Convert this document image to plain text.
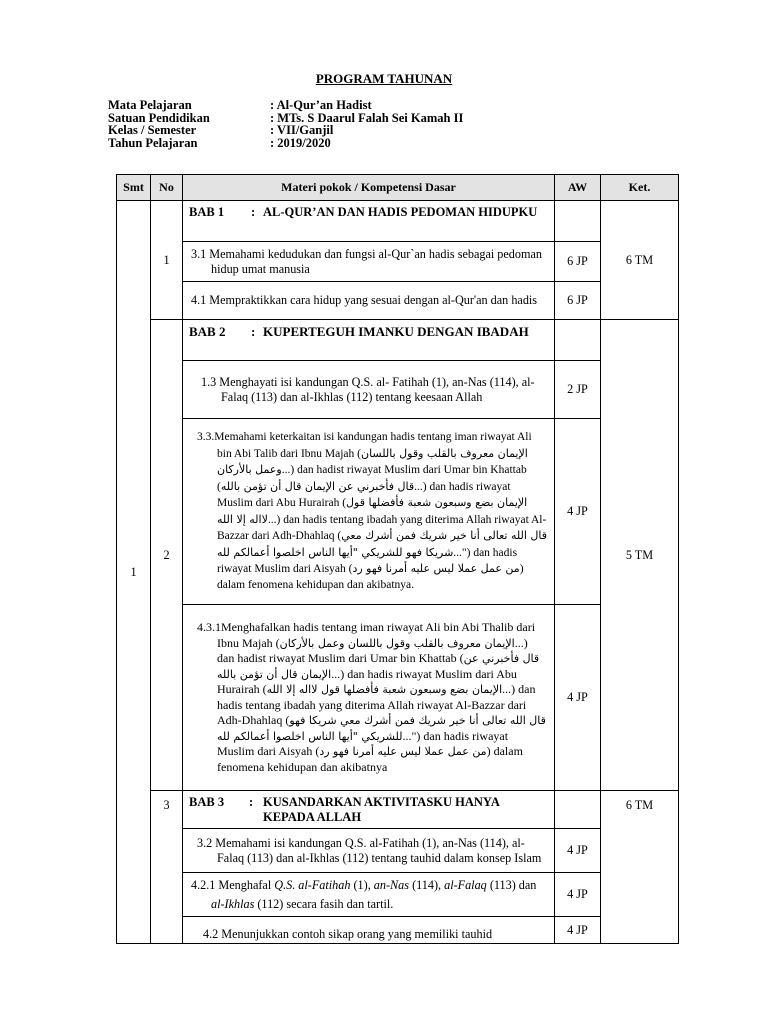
PROGRAM TAHUNAN
Mata Pelajaran	: Al-Qur’an Hadist
Satuan Pendidikan	: MTs. S Daarul Falah Sei Kamah II
Kelas / Semester	: VII/Ganjil
Tahun Pelajaran	: 2019/2020
Smt	No	Materi pokok / Kompetensi Dasar	AW	Ket.
1	1	BAB 1 : AL-QUR’AN DAN HADIS PEDOMAN HIDUPKU		6 TM

		3.1 Memahami kedudukan dan fungsi al-Qur`an hadis sebagai pedoman hidup umat manusia	6 JP	

		4.1 Mempraktikkan cara hidup yang sesuai dengan al-Qur'an dan hadis	6 JP	
	2	BAB 2 : KUPERTEGUH IMANKU DENGAN IBADAH		5 TM

		1.3 Menghayati isi kandungan Q.S. al- Fatihah (1), an-Nas (114), al- Falaq (113) dan al-Ikhlas (112) tentang keesaan Allah	2 JP	

		3.3.Memahami keterkaitan isi kandungan hadis tentang iman riwayat Ali bin Abi Talib dari Ibnu Majah (الإيمان معروف بالقلب وقول باللسان وعمل بالأركان...) dan hadist riwayat Muslim dari Umar bin Khattab (قال فأخبرني عن الإيمان قال أن تؤمن بالله...) dan hadis riwayat Muslim dari Abu Hurairah (الإيمان بضع وسبعون شعبة فأفضلها قول لااله إلا الله...) dan hadis tentang ibadah yang diterima Allah riwayat Al-Bazzar dari Adh-Dhahlaq (قال الله تعالى أنا خير شريك فمن أشرك معي شريكا فهو للشريكي "أيها الناس اخلصوا أعمالكم لله...") dan hadis riwayat Muslim dari Aisyah (من عمل عملا ليس عليه أمرنا فهو رد) dalam fenomena kehidupan dan akibatnya.	4 JP	

		4.3.1Menghafalkan hadis tentang iman riwayat Ali bin Abi Thalib dari Ibnu Majah (الإيمان معروف بالقلب وقول باللسان وعمل بالأركان...) dan hadist riwayat Muslim dari Umar bin Khattab (قال فأخبرني عن الإيمان قال أن تؤمن بالله...) dan hadis riwayat Muslim dari Abu Hurairah (الإيمان بضع وسبعون شعبة فأفضلها قول لااله إلا الله...) dan hadis tentang ibadah yang diterima Allah riwayat Al-Bazzar dari Adh-Dhahlaq (قال الله تعالى أنا خير شريك فمن أشرك معي شريكا فهو للشريكي "أيها الناس اخلصوا أعمالكم لله...") dan hadis riwayat Muslim dari Aisyah (من عمل عملا ليس عليه أمرنا فهو رد) dalam fenomena kehidupan dan akibatnya	4 JP	
	3	BAB 3 : KUSANDARKAN AKTIVITASKU HANYA KEPADA ALLAH		6 TM

		3.2 Memahami isi kandungan Q.S. al-Fatihah (1), an-Nas (114), al- Falaq (113) dan al-Ikhlas (112) tentang tauhid dalam konsep Islam	4 JP	

		4.2.1 Menghafal Q.S. al-Fatihah (1), an-Nas (114), al-Falaq (113) dan al-Ikhlas (112) secara fasih dan tartil.	4 JP	

		4.2 Menunjukkan contoh sikap orang yang memiliki tauhid	4 JP	
